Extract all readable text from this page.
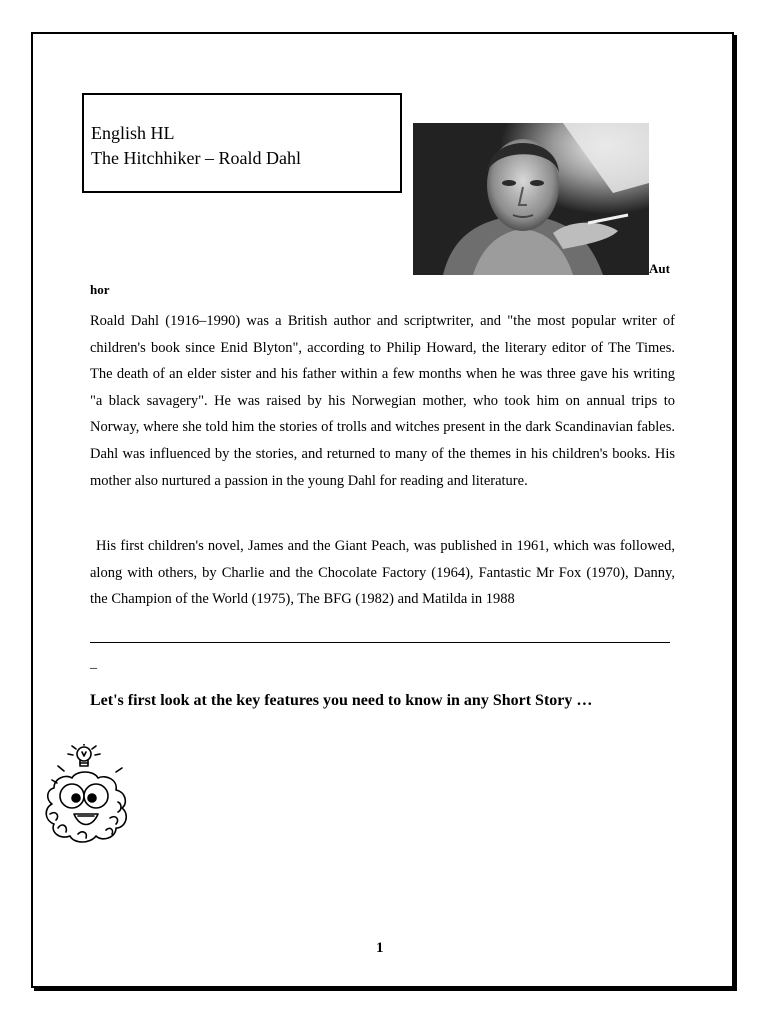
English HL
The Hitchhiker – Roald Dahl
Aut
hor

Roald Dahl (1916–1990) was a British author and scriptwriter, and "the most popular writer of children's book since Enid Blyton", according to Philip Howard, the literary editor of The Times. The death of an elder sister and his father within a few months when he was three gave his writing "a black savagery". He was raised by his Norwegian mother, who took him on annual trips to Norway, where she told him the stories of trolls and witches present in the dark Scandinavian fables. Dahl was influenced by the stories, and returned to many of the themes in his children's books. His mother also nurtured a passion in the young Dahl for reading and literature.

His first children's novel, James and the Giant Peach, was published in 1961, which was followed, along with others, by Charlie and the Chocolate Factory (1964), Fantastic Mr Fox (1970), Danny, the Champion of the World (1975), The BFG (1982) and Matilda in 1988

_
Let's first look at the key features you need to know in any Short Story …
1
